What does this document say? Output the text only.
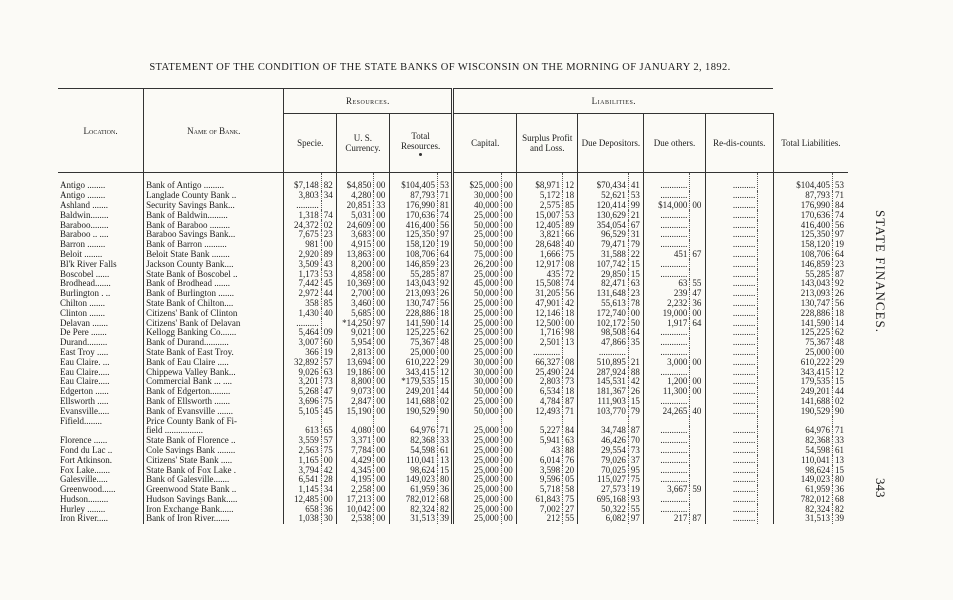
STATEMENT OF THE CONDITION OF THE STATE BANKS OF WISCONSIN ON THE MORNING OF JANUARY 2, 1892.
STATE FINANCES.
343
Location.	Name of Bank.	Resources.						Liabilities.											
		Specie.		U. S. Currency.		Total Resources.		Capital.		Surplus Profit and Loss.		Due Depositors.		Due others.		Re-dis-counts.		Total Liabilities.	
Antigo ........	Bank of Antigo .........	$7,148	82	$4,850	00	$104,405	53	$25,000	00	$8,971	12	$70,434	41	............		..........		$104,405	53
Antigo ........	Langlade County Bank ..	3,803	34	4,280	00	87,793	71	30,000	00	5,172	18	52,621	53	............		..........		87,793	71
Ashland .......	Security Savings Bank...	..........		20,851	33	176,990	81	40,000	00	2,575	85	120,414	99	$14,000	00	..........		176,990	84
Baldwin........	Bank of Baldwin.........	1,318	74	5,031	00	170,636	74	25,000	00	15,007	53	130,629	21	............		..........		170,636	74
Baraboo........	Bank of Baraboo .........	24,372	02	24,609	00	416,400	56	50,000	00	12,405	89	354,054	67	............		..........		416,400	56
Baraboo .. ....	Baraboo Savings Bank...	7,675	23	3,683	00	125,350	97	25,000	00	3,821	66	96,529	31	............		..........		125,350	97
Barron ........	Bank of Barron ..........	981	00	4,915	00	158,120	19	50,000	00	28,648	40	79,471	79	............		..........		158,120	19
Beloit ........	Beloit State Bank ........	2,920	89	13,863	00	108,706	64	75,000	00	1,666	75	31,588	22	451	67	..........		108,706	64
Bl'k River Falls	Jackson County Bank....	3,509	43	8,200	00	146,859	23	26,200	00	12,917	08	107,742	15	............		..........		146,859	23
Boscobel ......	State Bank of Boscobel ..	1,173	53	4,858	00	55,285	87	25,000	00	435	72	29,850	15	............		..........		55,285	87
Brodhead.......	Bank of Brodhead .......	7,442	45	10,369	00	143,043	92	45,000	00	15,508	74	82,471	63	63	55	..........		143,043	92
Burlington . ..	Bank of Burlington .......	2,972	44	2,700	00	213,093	26	50,000	00	31,205	56	131,648	23	239	47	..........		213,093	26
Chilton .......	State Bank of Chilton....	358	85	3,460	00	130,747	56	25,000	00	47,901	42	55,613	78	2,232	36	..........		130,747	56
Clinton .......	Citizens' Bank of Clinton	1,430	40	5,685	00	228,886	18	25,000	00	12,146	18	172,740	00	19,000	00	..........		228,886	18
Delavan .......	Citizens' Bank of Delavan	..........		*14,250	97	141,590	14	25,000	00	12,500	00	102,172	50	1,917	64	..........		141,590	14
De Pere .......	Kellogg Banking Co.......	5,464	09	9,021	00	125,225	62	25,000	00	1,716	98	98,508	64	............		..........		125,225	62
Durand.........	Bank of Durand...........	3,007	60	5,954	00	75,367	48	25,000	00	2,501	13	47,866	35	............		..........		75,367	48
East Troy .....	State Bank of East Troy.	366	19	2,813	00	25,000	00	25,000	00	............		............		............		..........		25,000	00
Eau Claire. ...	Bank of Eau Claire .....	32,892	57	13,694	00	610,222	29	30,000	00	66,327	08	510,895	21	3,000	00	..........		610,222	29
Eau Claire.....	Chippewa Valley Bank...	9,026	63	19,186	00	343,415	12	30,000	00	25,490	24	287,924	88	............		..........		343,415	12
Eau Claire.....	Commercial Bank ... ....	3,201	73	8,800	00	*179,535	15	30,000	00	2,803	73	145,531	42	1,200	00	..........		179,535	15
Edgerton ......	Bank of Edgerton.........	5,268	47	9,073	00	249,201	44	50,000	00	6,534	18	181,367	26	11,300	00	..........		249,201	44
Ellsworth .....	Bank of Ellsworth .......	3,696	75	2,847	00	141,688	02	25,000	00	4,784	87	111,903	15	............		..........		141,688	02
Evansville.....	Bank of Evansville .......	5,105	45	15,190	00	190,529	90	50,000	00	12,493	71	103,770	79	24,265	40	..........		190,529	90
Fifield........	Price County Bank of Fi-																		
	field .................	613	65	4,080	00	64,976	71	25,000	00	5,227	84	34,748	87	............		..........		64,976	71
Florence ......	State Bank of Florence ..	3,559	57	3,371	00	82,368	33	25,000	00	5,941	63	46,426	70	............		..........		82,368	33
Fond du Lac ..	Cole Savings Bank ........	2,563	75	7,784	00	54,598	61	25,000	00	43	88	29,554	73	............		..........		54,598	61
Fort Atkinson.	Citizens' State Bank .....	1,165	00	4,429	00	110,041	13	25,000	00	6,014	76	79,026	37	............		..........		110,041	13
Fox Lake.......	State Bank of Fox Lake .	3,794	42	4,345	00	98,624	15	25,000	00	3,598	20	70,025	95	............		..........		98,624	15
Galesville.....	Bank of Galesville.......	6,541	28	4,195	00	149,023	80	25,000	00	9,596	05	115,027	75	............		..........		149,023	80
Greenwood......	Greenwood State Bank ..	1,145	34	2,258	00	61,959	36	25,000	00	5,718	58	27,573	19	3,667	59	..........		61,959	36
Hudson.........	Hudson Savings Bank.....	12,485	00	17,213	00	782,012	68	25,000	00	61,843	75	695,168	93	............		..........		782,012	68
Hurley ........	Iron Exchange Bank......	658	36	10,042	00	82,324	82	25,000	00	7,002	27	50,322	55	............		..........		82,324	82
Iron River.....	Bank of Iron River.......	1,038	30	2,538	00	31,513	39	25,000	00	212	55	6,082	97	217	87	..........		31,513	39
